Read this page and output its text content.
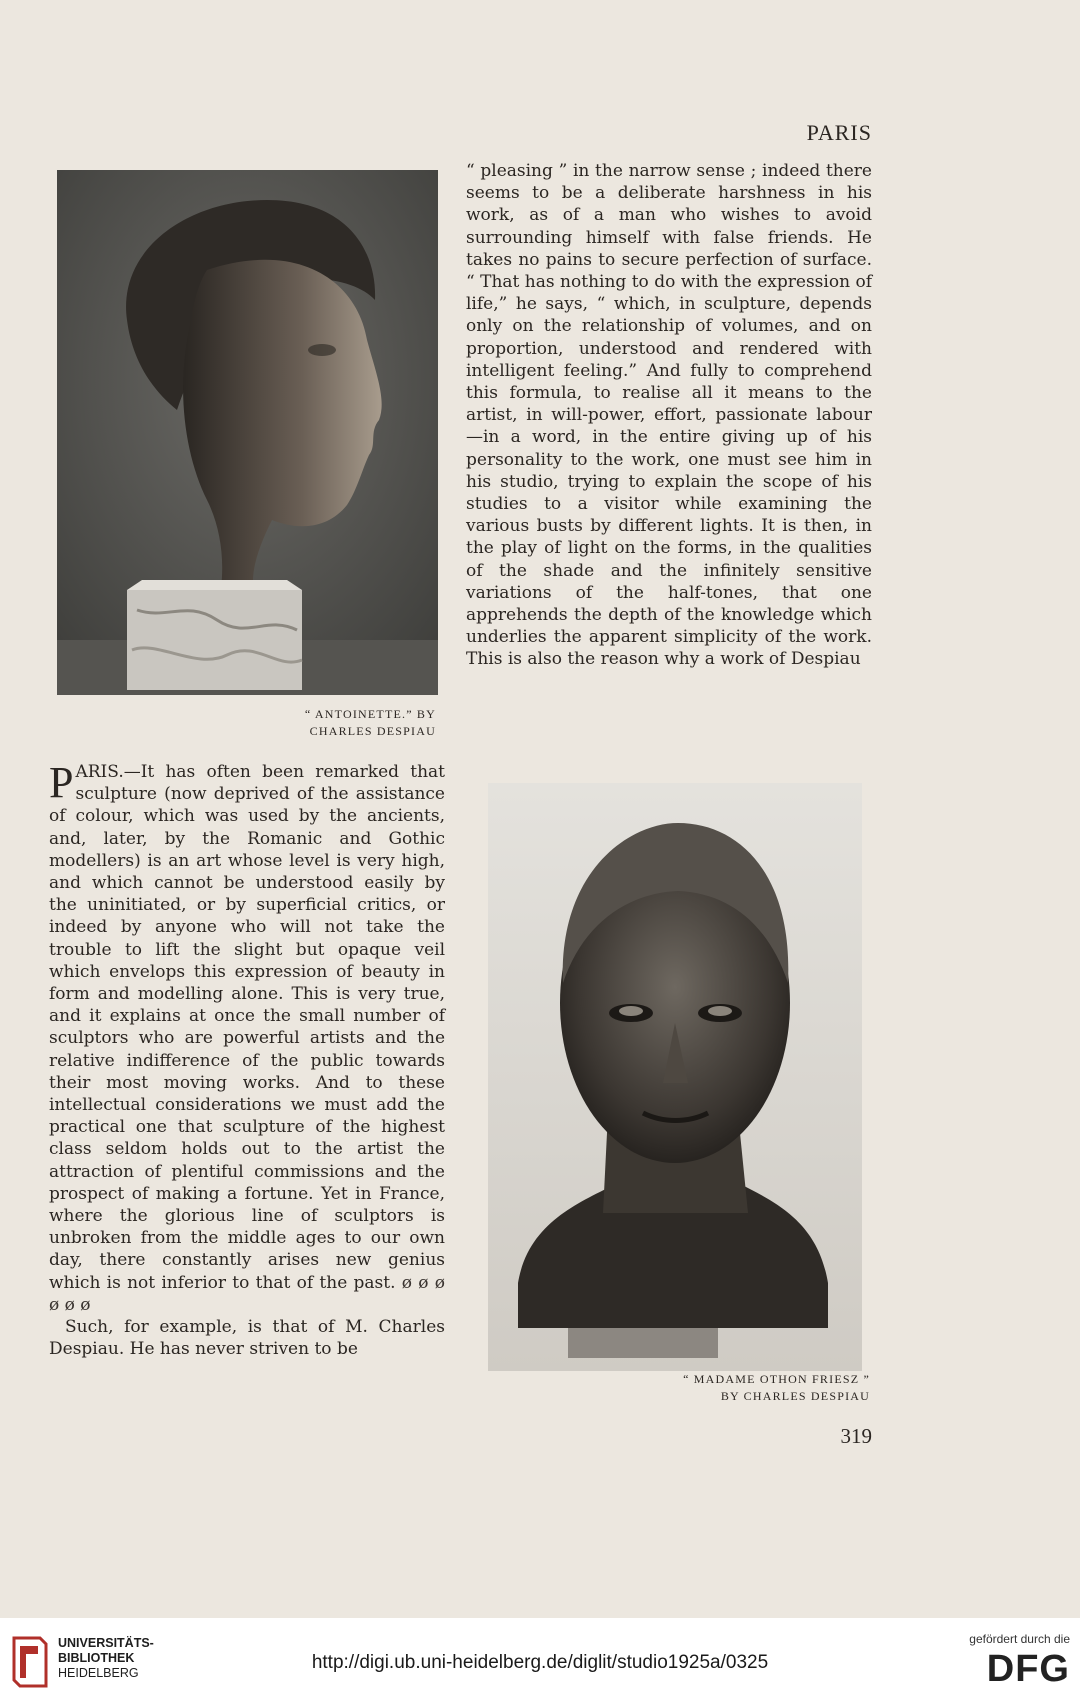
PARIS
“ ANTOINETTE.” BY
CHARLES DESPIAU

“ pleasing ” in the narrow sense ; indeed there seems to be a deliberate harshness in his work, as of a man who wishes to avoid surrounding himself with false friends. He takes no pains to secure perfection of surface. “ That has nothing to do with the expression of life,” he says, “ which, in sculpture, depends only on the relationship of volumes, and on proportion, understood and rendered with intelligent feeling.” And fully to comprehend this formula, to realise all it means to the artist, in will-power, effort, passionate labour—in a word, in the entire giving up of his personality to the work, one must see him in his studio, trying to explain the scope of his studies to a visitor while examining the various busts by different lights. It is then, in the play of light on the forms, in the qualities of the shade and the infinitely sensitive variations of the half-tones, that one apprehends the depth of the knowledge which underlies the apparent simplicity of the work. This is also the reason why a work of Despiau

PARIS.—It has often been remarked that sculpture (now deprived of the assistance of colour, which was used by the ancients, and, later, by the Romanic and Gothic modellers) is an art whose level is very high, and which cannot be understood easily by the uninitiated, or by superficial critics, or indeed by anyone who will not take the trouble to lift the slight but opaque veil which envelops this expression of beauty in form and modelling alone. This is very true, and it explains at once the small number of sculptors who are powerful artists and the relative indifference of the public towards their most moving works. And to these intellectual considerations we must add the practical one that sculpture of the highest class seldom holds out to the artist the attraction of plentiful commissions and the prospect of making a fortune. Yet in France, where the glorious line of sculptors is unbroken from the middle ages to our own day, there constantly arises new genius which is not inferior to that of the past. ø ø ø ø ø ø

Such, for example, is that of M. Charles Despiau. He has never striven to be

“ MADAME OTHON FRIESZ ”
BY CHARLES DESPIAU
319
UNIVERSITÄTS-
BIBLIOTHEK
HEIDELBERG	http://digi.ub.uni-heidelberg.de/diglit/studio1925a/0325
gefördert durch die
DFG
